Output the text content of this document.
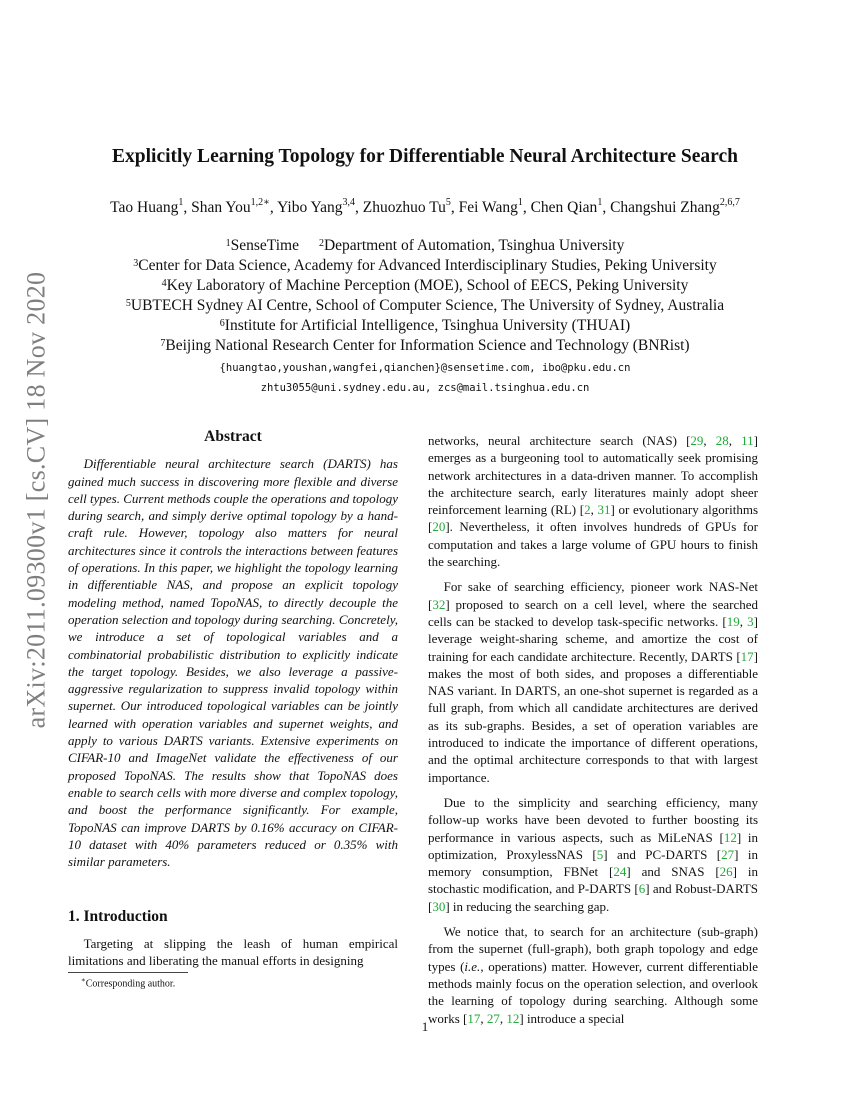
arXiv:2011.09300v1 [cs.CV] 18 Nov 2020
Explicitly Learning Topology for Differentiable Neural Architecture Search
Tao Huang$^1$, Shan You$^{1,2∗}$, Yibo Yang$^{3,4}$, Zhuozhuo Tu$^5$, Fei Wang$^1$, Chen Qian$^1$, Changshui Zhang$^{2,6,7}$
$^1$SenseTime $^2$Department of Automation, Tsinghua University
$^3$Center for Data Science, Academy for Advanced Interdisciplinary Studies, Peking University
$^4$Key Laboratory of Machine Perception (MOE), School of EECS, Peking University
$^5$UBTECH Sydney AI Centre, School of Computer Science, The University of Sydney, Australia
$^6$Institute for Artificial Intelligence, Tsinghua University (THUAI)
$^7$Beijing National Research Center for Information Science and Technology (BNRist)
{huangtao,youshan,wangfei,qianchen}@sensetime.com, ibo@pku.edu.cn
zhtu3055@uni.sydney.edu.au, zcs@mail.tsinghua.edu.cn
Abstract

Differentiable neural architecture search (DARTS) has gained much success in discovering more flexible and diverse cell types. Current methods couple the operations and topology during search, and simply derive optimal topology by a hand-craft rule. However, topology also matters for neural architectures since it controls the interactions between features of operations. In this paper, we highlight the topology learning in differentiable NAS, and propose an explicit topology modeling method, named TopoNAS, to directly decouple the operation selection and topology during searching. Concretely, we introduce a set of topological variables and a combinatorial probabilistic distribution to explicitly indicate the target topology. Besides, we also leverage a passive-aggressive regularization to suppress invalid topology within supernet. Our introduced topological variables can be jointly learned with operation variables and supernet weights, and apply to various DARTS variants. Extensive experiments on CIFAR-10 and ImageNet validate the effectiveness of our proposed TopoNAS. The results show that TopoNAS does enable to search cells with more diverse and complex topology, and boost the performance significantly. For example, TopoNAS can improve DARTS by 0.16% accuracy on CIFAR-10 dataset with 40% parameters reduced or 0.35% with similar parameters.

1. Introduction

Targeting at slipping the leash of human empirical limitations and liberating the manual efforts in designing

networks, neural architecture search (NAS) [29, 28, 11] emerges as a burgeoning tool to automatically seek promising network architectures in a data-driven manner. To accomplish the architecture search, early literatures mainly adopt sheer reinforcement learning (RL) [2, 31] or evolutionary algorithms [20]. Nevertheless, it often involves hundreds of GPUs for computation and takes a large volume of GPU hours to finish the searching.

For sake of searching efficiency, pioneer work NAS-Net [32] proposed to search on a cell level, where the searched cells can be stacked to develop task-specific networks. [19, 3] leverage weight-sharing scheme, and amortize the cost of training for each candidate architecture. Recently, DARTS [17] makes the most of both sides, and proposes a differentiable NAS variant. In DARTS, an one-shot supernet is regarded as a full graph, from which all candidate architectures are derived as its sub-graphs. Besides, a set of operation variables are introduced to indicate the importance of different operations, and the optimal architecture corresponds to that with largest importance.

Due to the simplicity and searching efficiency, many follow-up works have been devoted to further boosting its performance in various aspects, such as MiLeNAS [12] in optimization, ProxylessNAS [5] and PC-DARTS [27] in memory consumption, FBNet [24] and SNAS [26] in stochastic modification, and P-DARTS [6] and Robust-DARTS [30] in reducing the searching gap.

We notice that, to search for an architecture (sub-graph) from the supernet (full-graph), both graph topology and edge types (i.e., operations) matter. However, current differentiable methods mainly focus on the operation selection, and overlook the learning of topology during searching. Although some works [17, 27, 12] introduce a special

∗Corresponding author.
1
